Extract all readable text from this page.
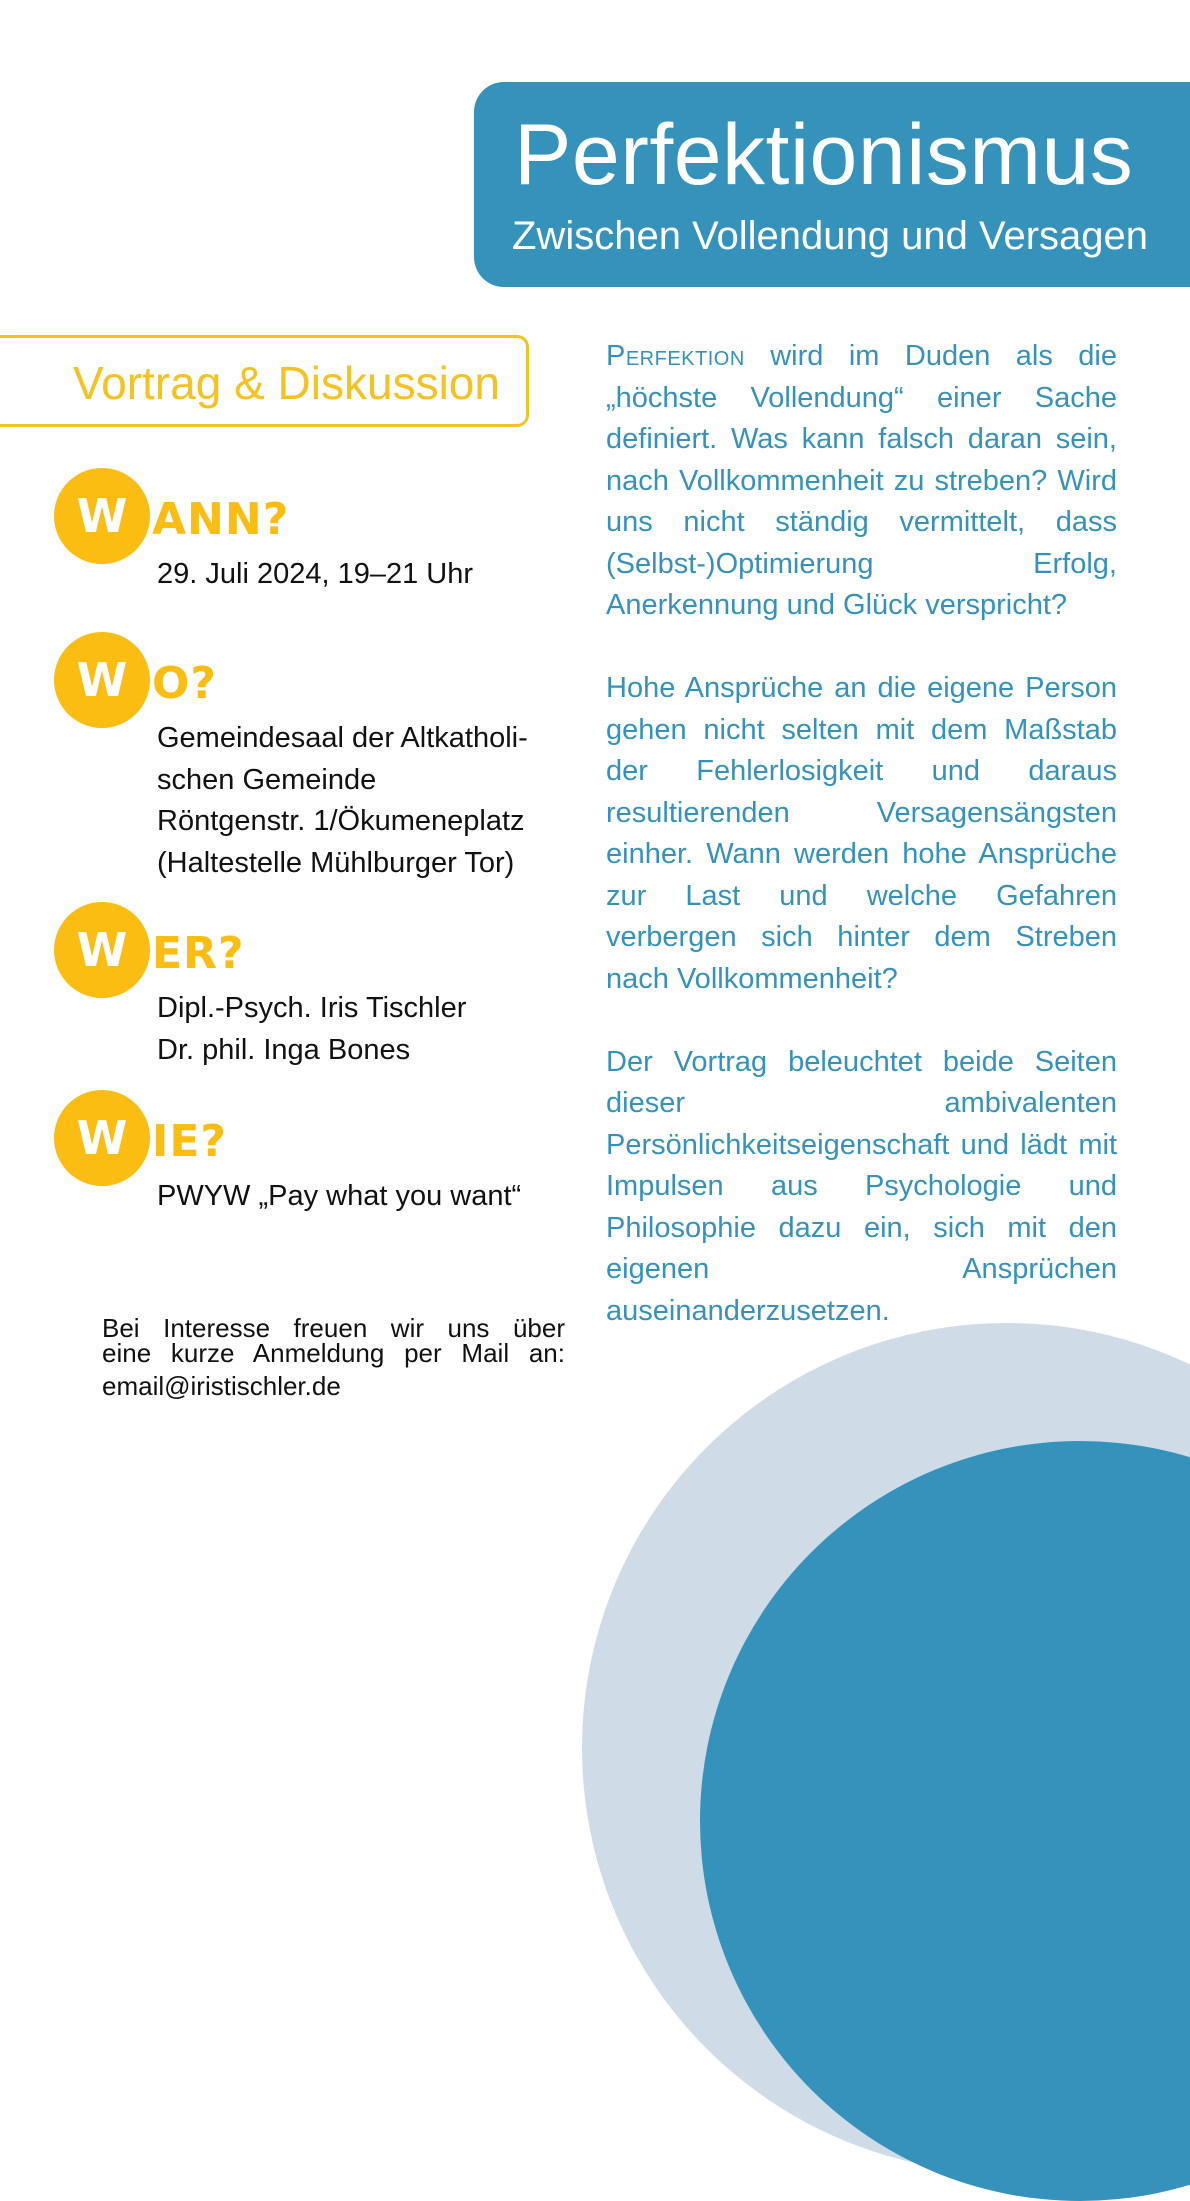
Perfektionismus
Zwischen Vollendung und Versagen
Vortrag & Diskussion
W ANN?
29. Juli 2024, 19–21 Uhr
W O?
Gemeindesaal der Altkatholi-
schen Gemeinde
Röntgenstr. 1/Ökumeneplatz
(Haltestelle Mühlburger Tor)
W ER?
Dipl.-Psych. Iris Tischler
Dr. phil. Inga Bones
W IE?
PWYW „Pay what you want“
Bei Interesse freuen wir uns über
eine kurze Anmeldung per Mail an:
email@iristischler.de

Perfektion wird im Duden als die „höchste Vollendung“ einer Sache definiert. Was kann falsch daran sein, nach Vollkommenheit zu streben? Wird uns nicht ständig vermittelt, dass (Selbst-)Optimierung Erfolg, Anerkennung und Glück verspricht?

Hohe Ansprüche an die eigene Person gehen nicht selten mit dem Maßstab der Fehlerlosigkeit und daraus resultierenden Versagensängsten einher. Wann werden hohe Ansprüche zur Last und welche Gefahren verbergen sich hinter dem Streben nach Vollkommenheit?

Der Vortrag beleuchtet beide Seiten dieser ambivalenten Persönlichkeitseigenschaft und lädt mit Impulsen aus Psychologie und Philosophie dazu ein, sich mit den eigenen Ansprüchen auseinanderzusetzen.
